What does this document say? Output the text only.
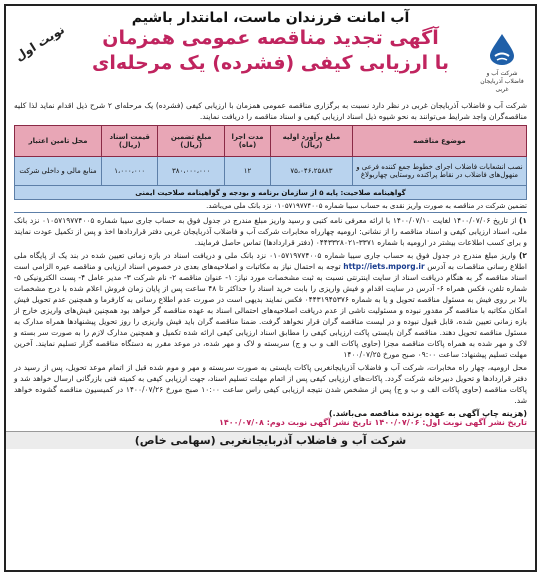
آب امانت فرزندان ماست، امانتدار باشیم
نوبت اول
شرکت آب و فاضلاب آذربایجان غربی
آگهی تجدید مناقصه عمومی همزمان
با ارزیابی کیفی (فشرده) یک مرحله‌ای
شرکت آب و فاضلاب آذربایجان غربی در نظر دارد نسبت به برگزاری مناقصه عمومی همزمان با ارزیابی کیفی (فشرده) یک مرحله‌ای ۲ شرح ذیل اقدام نماید لذا کلیه مناقصه‌گران واجد شرایط می‌توانند به نحو شیوه ذیل اسناد ارزیابی کیفی و اسناد مناقصه را دریافت نمایند.
موضوع مناقصه	مبلغ برآورد اولیه (ریال)	مدت اجرا (ماه)	مبلغ تضمین (ریال)	قیمت اسناد (ریال)	محل تامین اعتبار
نصب انشعابات فاضلاب اجرای خطوط جمع کننده فرعی و منهول‌های فاضلاب در نقاط پراکنده روستایی چهاربولاغ	۷۵،۰۴۶،۲۵۸۸۳	۱۲	۳۸۰،۰۰۰،۰۰۰	۱،۰۰۰،۰۰۰	منابع مالی و داخلی شرکت
گواهینامه صلاحیت: پایه ۵ از سازمان برنامه و بودجه و گواهینامه صلاحیت ایمنی					
تضمین شرکت در مناقصه به صورت واریز نقدی به حساب سیبا شماره ۰۱۰۵۷۱۹۷۷۴۰۰۵ نزد بانک ملی می‌باشد.

۱) از تاریخ ۱۴۰۰/۰۷/۰۶ لغایت ۱۴۰۰/۰۷/۱۰ با ارائه معرفی نامه کتبی و رسید واریز مبلغ مندرج در جدول فوق به حساب جاری سیبا شماره ۰۱۰۵۷۱۹۷۷۴۰۰۵ نزد بانک ملی، اسناد ارزیابی کیفی و اسناد مناقصه را از نشانی: ارومیه چهارراه مخابرات شرکت آب و فاضلاب آذربایجان غربی دفتر قراردادها اخذ و پس از تکمیل عودت نمایند و برای کسب اطلاعات بیشتر در ارومیه با شماره ۳۳۷۱-۰۴۴۳۳۲۸۰۲۱ (دفتر قراردادها) تماس حاصل فرمایند.

۲) واریز مبلغ مندرج در جدول فوق به حساب جاری سیبا شماره ۰۱۰۵۷۱۹۷۷۴۰۰۵ نزد بانک ملی و دریافت اسناد در بازه زمانی تعیین شده در بند یک از پایگاه ملی اطلاع رسانی مناقصات به آدرس http://iets.mporg.ir توجه به احتمال نیاز به مکاتبات و اصلاحیه‌های بعدی در خصوص اسناد ارزیابی و مناقصه عیره الزامی است اسناد مناقصه گر به هنگام دریافت اسناد از سایت اینترنتی نسبت به ثبت مشخصات مورد نیاز: ۱- عنوان مناقصه ۲- نام شرکت ۳- مدیر عامل ۴- پست الکترونیکی ۵- شماره تلفن، فکس همراه ۶- آدرس در سایت اقدام و فیش واریزی را بابت خرید اسناد را حداکثر تا ۴۸ ساعت پس از پایان زمان فروش اعلام شده با درج مشخصات بالا بر روی فیش به مسئول مناقصه تحویل و یا به شماره ۰۴۴۳۱۹۴۵۳۷۶ فکس نمایند بدیهی است در صورت عدم اطلاع رسانی به کارفرما و همچنین عدم تحویل فیش امکان مکاتبه با مناقصه گر مقدور نبوده و مسئولیت ناشی از عدم دریافت اصلاحیه‌های احتمالی اسناد به عهده مناقصه گر خواهد بود همچنین فیش‌های واریزی خارج از بازه زمانی تعیین شده، قابل قبول نبوده و در لیست مناقصه گران قرار نخواهد گرفت. ضمنا مناقصه گران باید فیش واریزی را روز تحویل پیشنهادها همراه مدارک به مسئول مناقصه تحویل دهند. مناقصه گران بایستی پاکت ارزیابی کیفی را مطابق اسناد ارزیابی کیفی ارائه شده تکمیل و همچنین مدارک لازم را به صورت سر بسته و لاک و مهر شده به همراه پاکات مناقصه مجزا (حاوی پاکات الف و ب و ج) سربسته و لاک و مهر شده، در موعد مقرر به دستگاه مناقصه گزار تسلیم نمایند. آخرین مهلت تسلیم پیشنهاد: ساعت ۰۹:۰۰ صبح مورخ ۱۴۰۰/۰۷/۲۵

محل ارومیه، چهار راه مخابرات، شرکت آب و فاضلاب آذربایجانغربی پاکات بایستی به صورت سربسته و مهر و موم شده قبل از اتمام موعد تحویل، پس از رسید در دفتر قراردادها و تحویل دبیرخانه شرکت گردد. پاکات‌های ارزیابی کیفی پس از اتمام مهلت تسلیم اسناد، جهت ارزیابی کیفی به کمیته فنی بازرگانی ارسال خواهد شد و پاکات مناقصه (حاوی پاکات الف و ب و ج) پس از مشخص شدن نتیجه ارزیابی کیفی راس ساعت ۱۰:۰۰ صبح مورخ ۱۴۰۰/۰۷/۲۶ در کمیسیون مناقصه گشوده خواهد شد.

(هزینه چاپ آگهی به عهده برنده مناقصه می‌باشد.)
تاریخ نشر آگهی نوبت اول: ۱۴۰۰/۰۷/۰۶ تاریخ نشر آگهی نوبت دوم: ۱۴۰۰/۰۷/۰۸
شرکت آب و فاضلاب آذربایجانغربی (سهامی خاص)
